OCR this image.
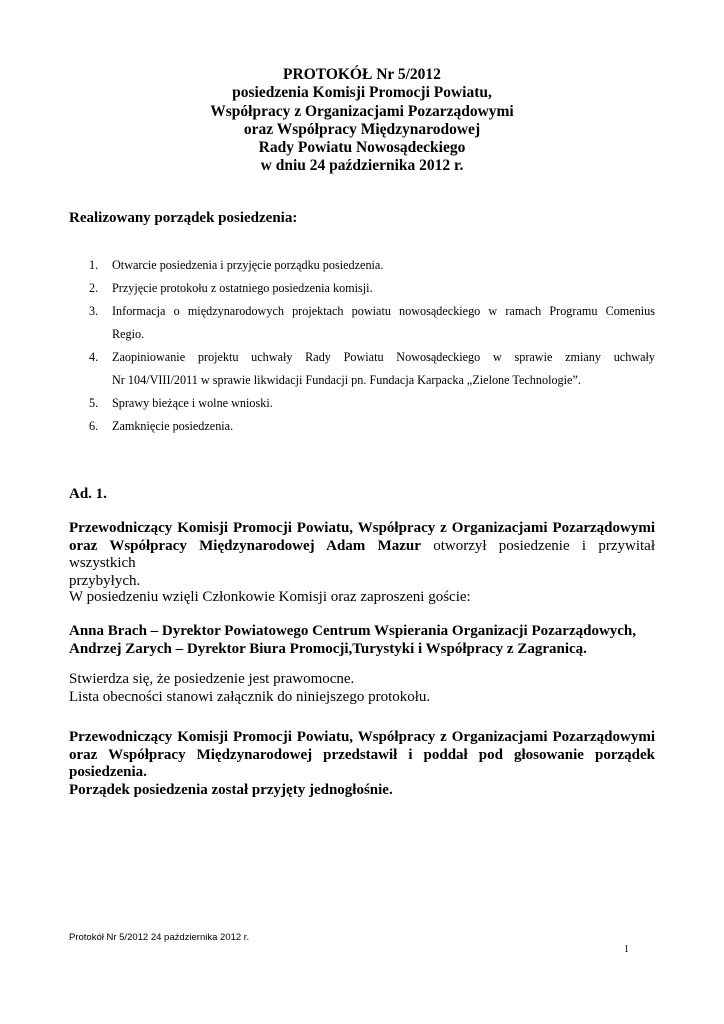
PROTOKÓŁ Nr 5/2012
posiedzenia Komisji Promocji Powiatu,
Współpracy z Organizacjami Pozarządowymi
oraz Współpracy Międzynarodowej
Rady Powiatu Nowosądeckiego
w dniu 24 października 2012 r.
Realizowany porządek posiedzenia:
1. Otwarcie posiedzenia i przyjęcie porządku posiedzenia.
2. Przyjęcie protokołu z ostatniego posiedzenia komisji.
3. Informacja o międzynarodowych projektach powiatu nowosądeckiego w ramach Programu Comenius
Regio.
4. Zaopiniowanie projektu uchwały Rady Powiatu Nowosądeckiego w sprawie zmiany uchwały
Nr 104/VIII/2011 w sprawie likwidacji Fundacji pn. Fundacja Karpacka „Zielone Technologie”.
5. Sprawy bieżące i wolne wnioski.
6. Zamknięcie posiedzenia.
Ad. 1.
Przewodniczący Komisji Promocji Powiatu, Współpracy z Organizacjami Pozarządowymi
oraz Współpracy Międzynarodowej Adam Mazur otworzył posiedzenie i przywitał wszystkich
przybyłych.
W posiedzeniu wzięli Członkowie Komisji oraz zaproszeni goście:
Anna Brach – Dyrektor Powiatowego Centrum Wspierania Organizacji Pozarządowych,
Andrzej Zarych – Dyrektor Biura Promocji,Turystyki i Współpracy z Zagranicą.
Stwierdza się, że posiedzenie jest prawomocne.
Lista obecności stanowi załącznik do niniejszego protokołu.
Przewodniczący Komisji Promocji Powiatu, Współpracy z Organizacjami Pozarządowymi
oraz Współpracy Międzynarodowej przedstawił i poddał pod głosowanie porządek
posiedzenia.
Porządek posiedzenia został przyjęty jednogłośnie.
Protokół Nr 5/2012 24 października 2012 r.
1
